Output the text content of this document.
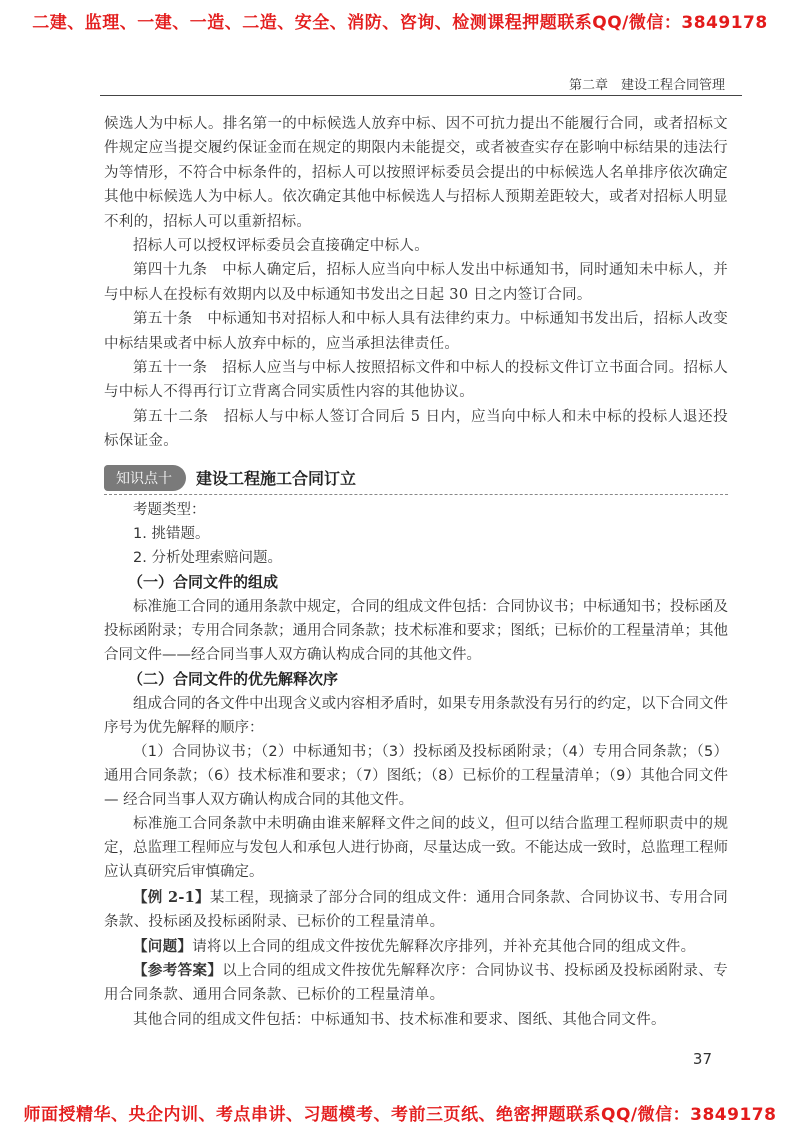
二建、监理、一建、一造、二造、安全、消防、咨询、检测课程押题联系QQ/微信：3849178
第二章　建设工程合同管理

候选人为中标人。排名第一的中标候选人放弃中标、因不可抗力提出不能履行合同，或者招标文件规定应当提交履约保证金而在规定的期限内未能提交，或者被查实存在影响中标结果的违法行为等情形，不符合中标条件的，招标人可以按照评标委员会提出的中标候选人名单排序依次确定其他中标候选人为中标人。依次确定其他中标候选人与招标人预期差距较大，或者对招标人明显不利的，招标人可以重新招标。

招标人可以授权评标委员会直接确定中标人。

第四十九条　中标人确定后，招标人应当向中标人发出中标通知书，同时通知未中标人，并与中标人在投标有效期内以及中标通知书发出之日起 30 日之内签订合同。

第五十条　中标通知书对招标人和中标人具有法律约束力。中标通知书发出后，招标人改变中标结果或者中标人放弃中标的，应当承担法律责任。

第五十一条　招标人应当与中标人按照招标文件和中标人的投标文件订立书面合同。招标人与中标人不得再行订立背离合同实质性内容的其他协议。

第五十二条　招标人与中标人签订合同后 5 日内，应当向中标人和未中标的投标人退还投标保证金。

知识点十	建设工程施工合同订立

考题类型：

1. 挑错题。

2. 分析处理索赔问题。

（一）合同文件的组成

标准施工合同的通用条款中规定，合同的组成文件包括：合同协议书；中标通知书；投标函及投标函附录；专用合同条款；通用合同条款；技术标准和要求；图纸；已标价的工程量清单；其他合同文件——经合同当事人双方确认构成合同的其他文件。

（二）合同文件的优先解释次序

组成合同的各文件中出现含义或内容相矛盾时，如果专用条款没有另行的约定，以下合同文件序号为优先解释的顺序：

（1）合同协议书；（2）中标通知书；（3）投标函及投标函附录；（4）专用合同条款；（5）通用合同条款；（6）技术标准和要求；（7）图纸；（8）已标价的工程量清单；（9）其他合同文件 — 经合同当事人双方确认构成合同的其他文件。

标准施工合同条款中未明确由谁来解释文件之间的歧义，但可以结合监理工程师职责中的规定，总监理工程师应与发包人和承包人进行协商，尽量达成一致。不能达成一致时，总监理工程师应认真研究后审慎确定。

【例 2-1】某工程，现摘录了部分合同的组成文件：通用合同条款、合同协议书、专用合同条款、投标函及投标函附录、已标价的工程量清单。

【问题】请将以上合同的组成文件按优先解释次序排列，并补充其他合同的组成文件。

【参考答案】以上合同的组成文件按优先解释次序：合同协议书、投标函及投标函附录、专用合同条款、通用合同条款、已标价的工程量清单。

其他合同的组成文件包括：中标通知书、技术标准和要求、图纸、其他合同文件。

37
师面授精华、央企内训、考点串讲、习题模考、考前三页纸、绝密押题联系QQ/微信：3849178
